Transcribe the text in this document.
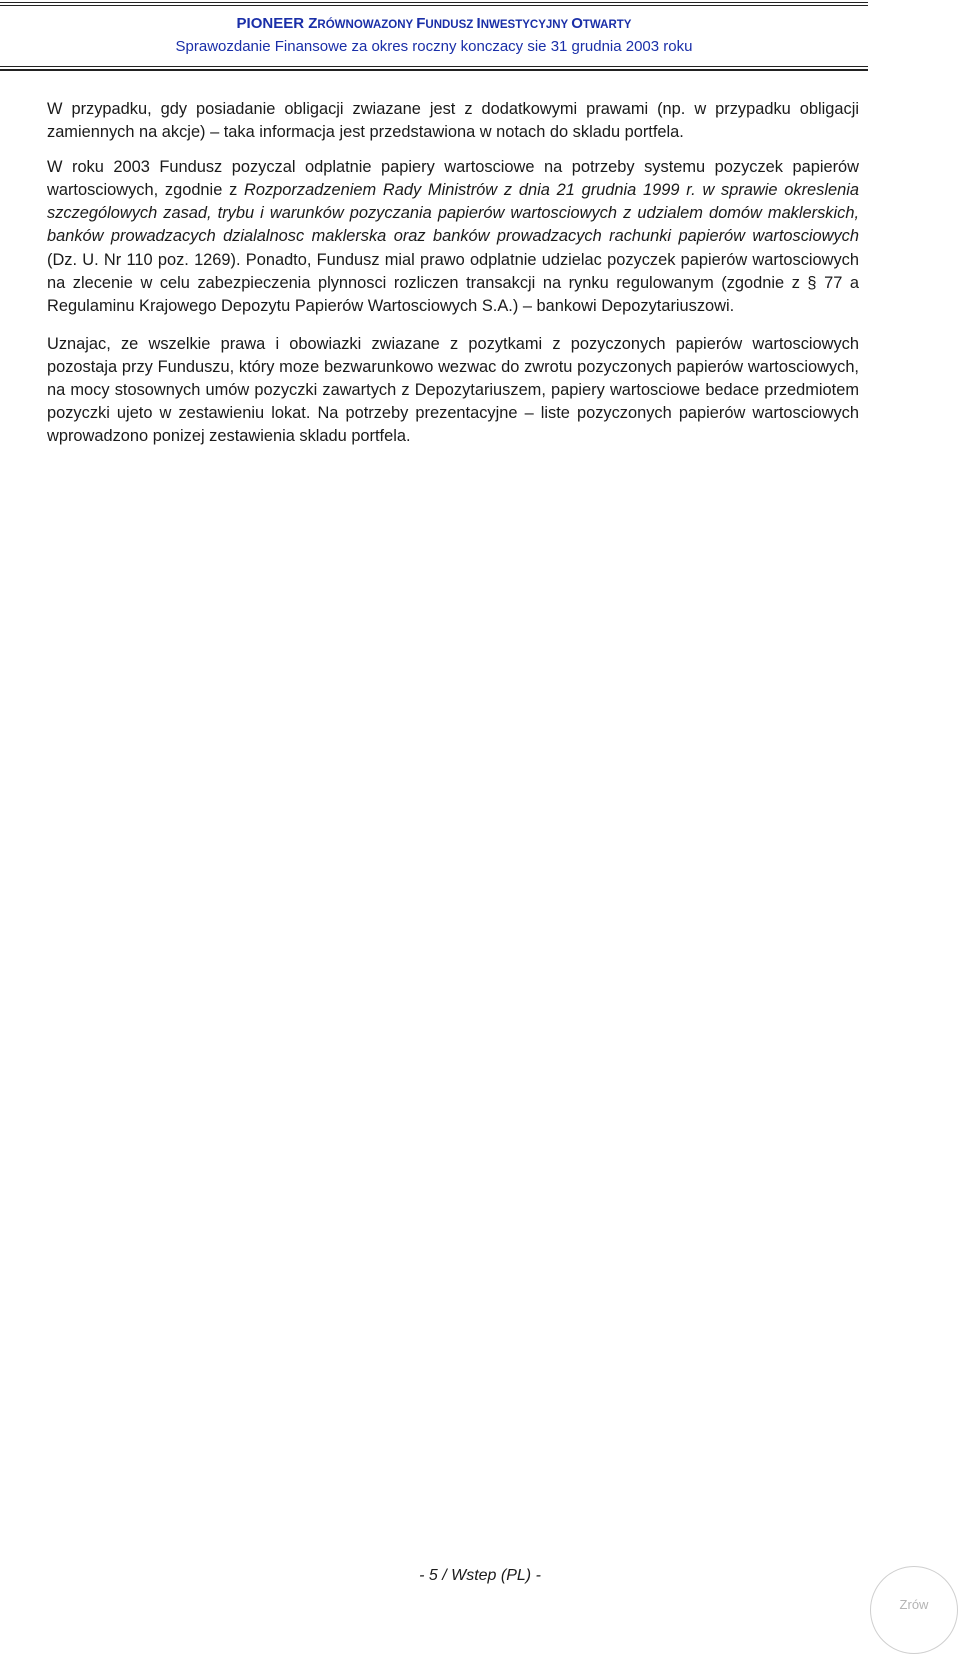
PIONEER ZRÓWNOWAZONY FUNDUSZ INWESTYCYJNY OTWARTY
Sprawozdanie Finansowe za okres roczny konczacy sie 31 grudnia 2003 roku

W przypadku, gdy posiadanie obligacji zwiazane jest z dodatkowymi prawami (np. w przypadku obligacji zamiennych na akcje) – taka informacja jest przedstawiona w notach do skladu portfela.

W roku 2003 Fundusz pozyczal odplatnie papiery wartosciowe na potrzeby systemu pozyczek papierów wartosciowych, zgodnie z Rozporzadzeniem Rady Ministrów z dnia 21 grudnia 1999 r. w sprawie okreslenia szczególowych zasad, trybu i warunków pozyczania papierów wartosciowych z udzialem domów maklerskich, banków prowadzacych dzialalnosc maklerska oraz banków prowadzacych rachunki papierów wartosciowych (Dz. U. Nr 110 poz. 1269). Ponadto, Fundusz mial prawo odplatnie udzielac pozyczek papierów wartosciowych na zlecenie w celu zabezpieczenia plynnosci rozliczen transakcji na rynku regulowanym (zgodnie z § 77 a Regulaminu Krajowego Depozytu Papierów Wartosciowych S.A.) – bankowi Depozytariuszowi.

Uznajac, ze wszelkie prawa i obowiazki zwiazane z pozytkami z pozyczonych papierów wartosciowych pozostaja przy Funduszu, który moze bezwarunkowo wezwac do zwrotu pozyczonych papierów wartosciowych, na mocy stosownych umów pozyczki zawartych z Depozytariuszem, papiery wartosciowe bedace przedmiotem pozyczki ujeto w zestawieniu lokat. Na potrzeby prezentacyjne – liste pozyczonych papierów wartosciowych wprowadzono ponizej zestawienia skladu portfela.

- 5 / Wstep (PL) -
Zrów
